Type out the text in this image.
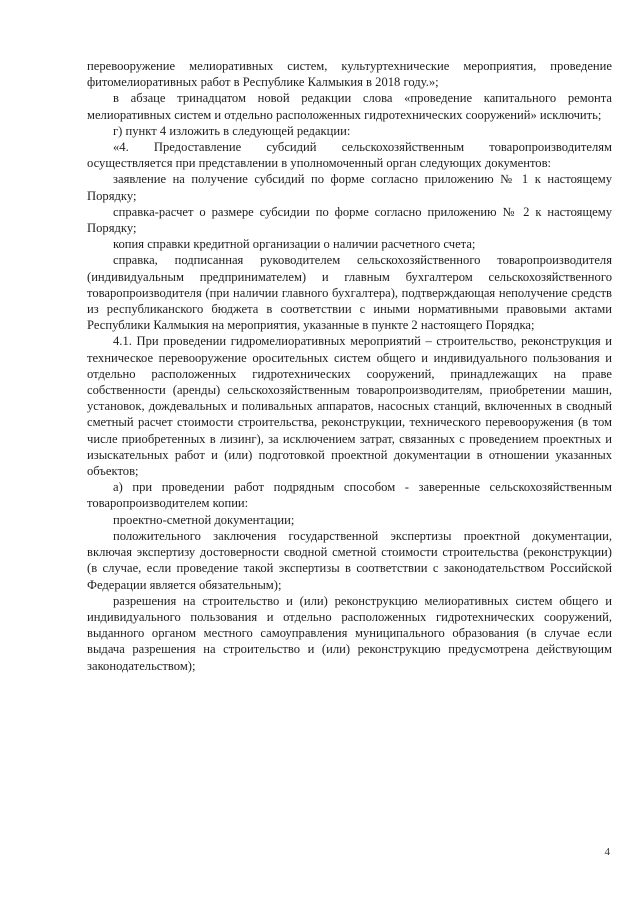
перевооружение мелиоративных систем, культуртехнические мероприятия, проведение фитомелиоративных работ в Республике Калмыкия в 2018 году.»;

в абзаце тринадцатом новой редакции слова «проведение капитального ремонта мелиоративных систем и отдельно расположенных гидротехнических сооружений» исключить;

г) пункт 4 изложить в следующей редакции:

«4. Предоставление субсидий сельскохозяйственным товаропроизводителям осуществляется при представлении в уполномоченный орган следующих документов:

заявление на получение субсидий по форме согласно приложению № 1 к настоящему Порядку;

справка-расчет о размере субсидии по форме согласно приложению № 2 к настоящему Порядку;

копия справки кредитной организации о наличии расчетного счета;

справка, подписанная руководителем сельскохозяйственного товаропроизводителя (индивидуальным предпринимателем) и главным бухгалтером сельскохозяйственного товаропроизводителя (при наличии главного бухгалтера), подтверждающая неполучение средств из республиканского бюджета в соответствии с иными нормативными правовыми актами Республики Калмыкия на мероприятия, указанные в пункте 2 настоящего Порядка;

4.1. При проведении гидромелиоративных мероприятий – строительство, реконструкция и техническое перевооружение оросительных систем общего и индивидуального пользования и отдельно расположенных гидротехнических сооружений, принадлежащих на праве собственности (аренды) сельскохозяйственным товаропроизводителям, приобретении машин, установок, дождевальных и поливальных аппаратов, насосных станций, включенных в сводный сметный расчет стоимости строительства, реконструкции, технического перевооружения (в том числе приобретенных в лизинг), за исключением затрат, связанных с проведением проектных и изыскательных работ и (или) подготовкой проектной документации в отношении указанных объектов;

а) при проведении работ подрядным способом - заверенные сельскохозяйственным товаропроизводителем копии:

проектно-сметной документации;

положительного заключения государственной экспертизы проектной документации, включая экспертизу достоверности сводной сметной стоимости строительства (реконструкции) (в случае, если проведение такой экспертизы в соответствии с законодательством Российской Федерации является обязательным);

разрешения на строительство и (или) реконструкцию мелиоративных систем общего и индивидуального пользования и отдельно расположенных гидротехнических сооружений, выданного органом местного самоуправления муниципального образования (в случае если выдача разрешения на строительство и (или) реконструкцию предусмотрена действующим законодательством);

4
